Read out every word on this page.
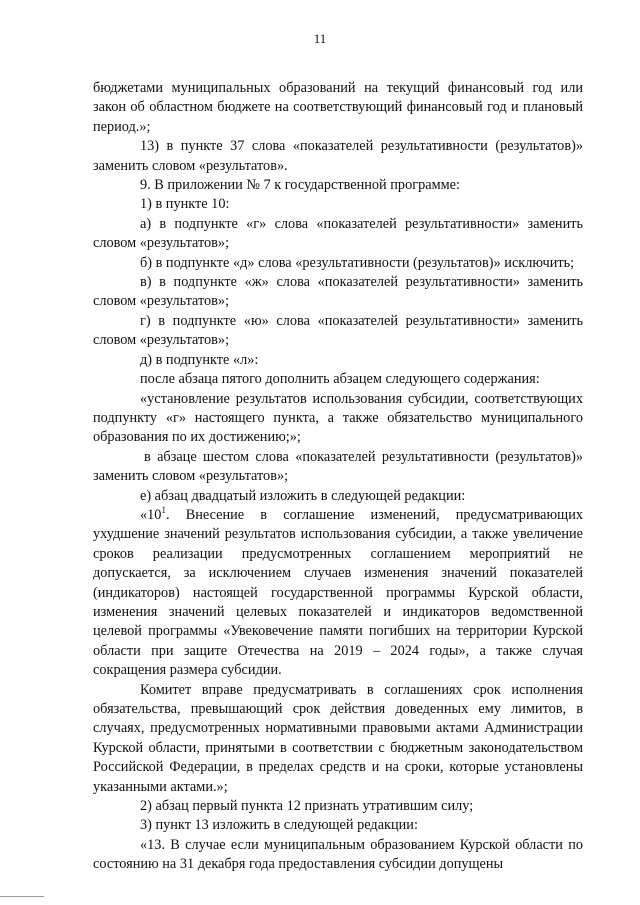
11

бюджетами муниципальных образований на текущий финансовый год или закон об областном бюджете на соответствующий финансовый год и плановый период.»;

13) в пункте 37 слова «показателей результативности (результатов)» заменить словом «результатов».

9. В приложении № 7 к государственной программе:

1) в пункте 10:

а) в подпункте «г» слова «показателей результативности» заменить словом «результатов»;

б) в подпункте «д» слова «результативности (результатов)» исключить;

в) в подпункте «ж» слова «показателей результативности» заменить словом «результатов»;

г) в подпункте «ю» слова «показателей результативности» заменить словом «результатов»;

д) в подпункте «л»:

после абзаца пятого дополнить абзацем следующего содержания:

«установление результатов использования субсидии, соответствующих подпункту «г» настоящего пункта, а также обязательство муниципального образования по их достижению;»;

в абзаце шестом слова «показателей результативности (результатов)» заменить словом «результатов»;

е) абзац двадцатый изложить в следующей редакции:

«$10^1$. Внесение в соглашение изменений, предусматривающих ухудшение значений результатов использования субсидии, а также увеличение сроков реализации предусмотренных соглашением мероприятий не допускается, за исключением случаев изменения значений показателей (индикаторов) настоящей государственной программы Курской области, изменения значений целевых показателей и индикаторов ведомственной целевой программы «Увековечение памяти погибших на территории Курской области при защите Отечества на 2019 – 2024 годы», а также случая сокращения размера субсидии.

Комитет вправе предусматривать в соглашениях срок исполнения обязательства, превышающий срок действия доведенных ему лимитов, в случаях, предусмотренных нормативными правовыми актами Администрации Курской области, принятыми в соответствии с бюджетным законодательством Российской Федерации, в пределах средств и на сроки, которые установлены указанными актами.»;

2) абзац первый пункта 12 признать утратившим силу;

3) пункт 13 изложить в следующей редакции:

«13. В случае если муниципальным образованием Курской области по состоянию на 31 декабря года предоставления субсидии допущены
